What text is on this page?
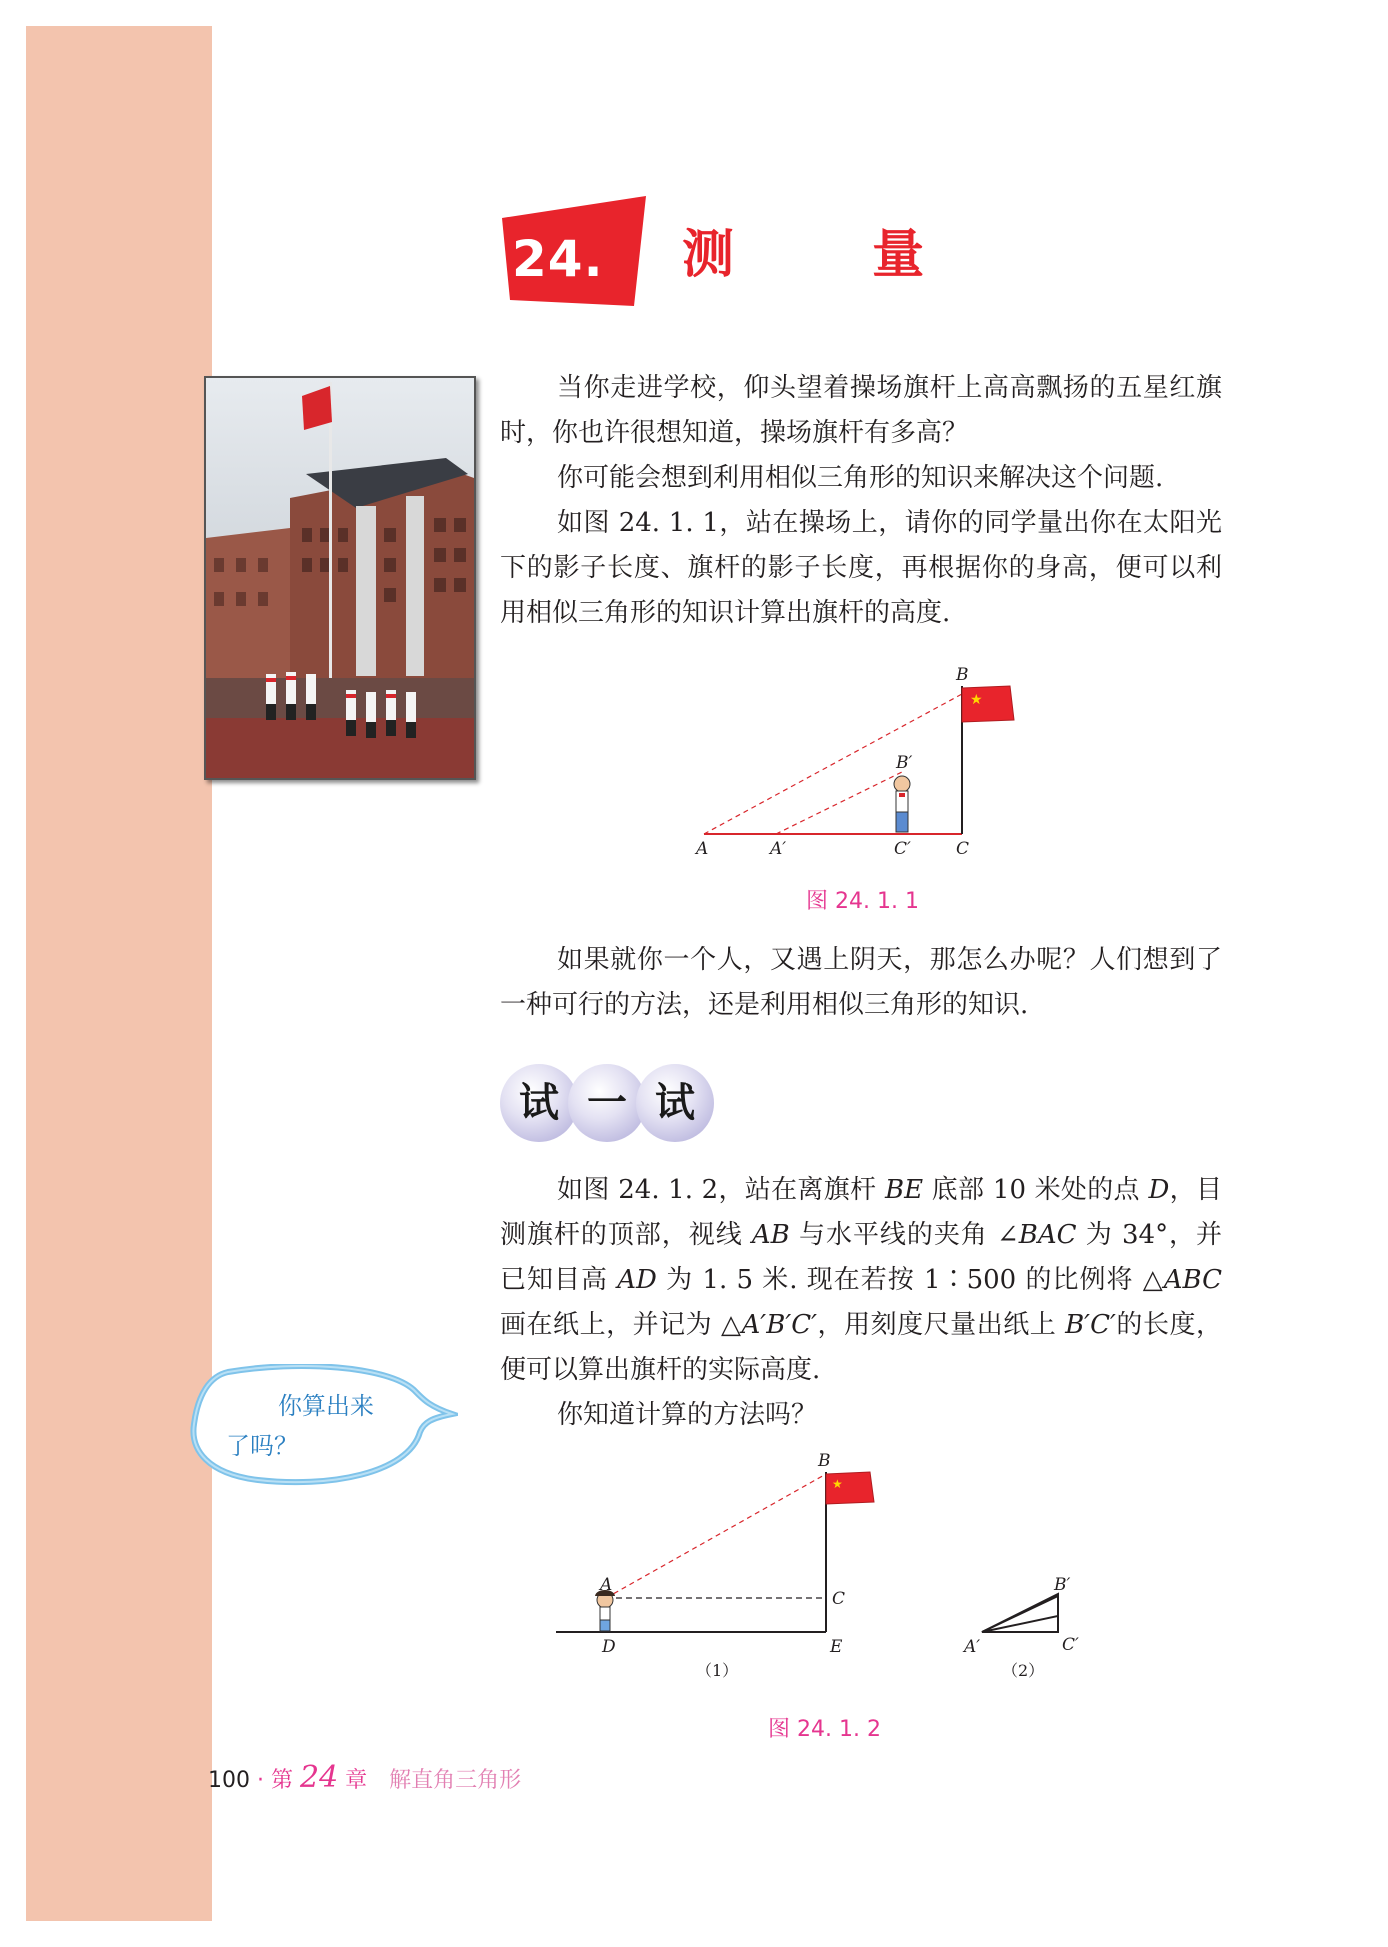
24. 1
测 量

当你走进学校，仰头望着操场旗杆上高高飘扬的五星红旗时，你也许很想知道，操场旗杆有多高？

你可能会想到利用相似三角形的知识来解决这个问题.

如图 24. 1. 1，站在操场上，请你的同学量出你在太阳光下的影子长度、旗杆的影子长度，再根据你的身高，便可以利用相似三角形的知识计算出旗杆的高度.

★
A	A′	C′	C
B
B′
图 24. 1. 1

如果就你一个人，又遇上阴天，那怎么办呢？人们想到了一种可行的方法，还是利用相似三角形的知识.

试 一 试

如图 24. 1. 2，站在离旗杆 BE 底部 10 米处的点 D，目测旗杆的顶部，视线 AB 与水平线的夹角 ∠BAC 为 34°，并已知目高 AD 为 1. 5 米. 现在若按 1∶500 的比例将 △ABC 画在纸上，并记为 △A′B′C′，用刻度尺量出纸上 B′C′的长度，便可以算出旗杆的实际高度.

你知道计算的方法吗？

你算出来了吗？
★
A
B
C
D	E
（1）
A′
B′
C′
（2）
图 24. 1. 2
100 · 第 24 章 解直角三角形
